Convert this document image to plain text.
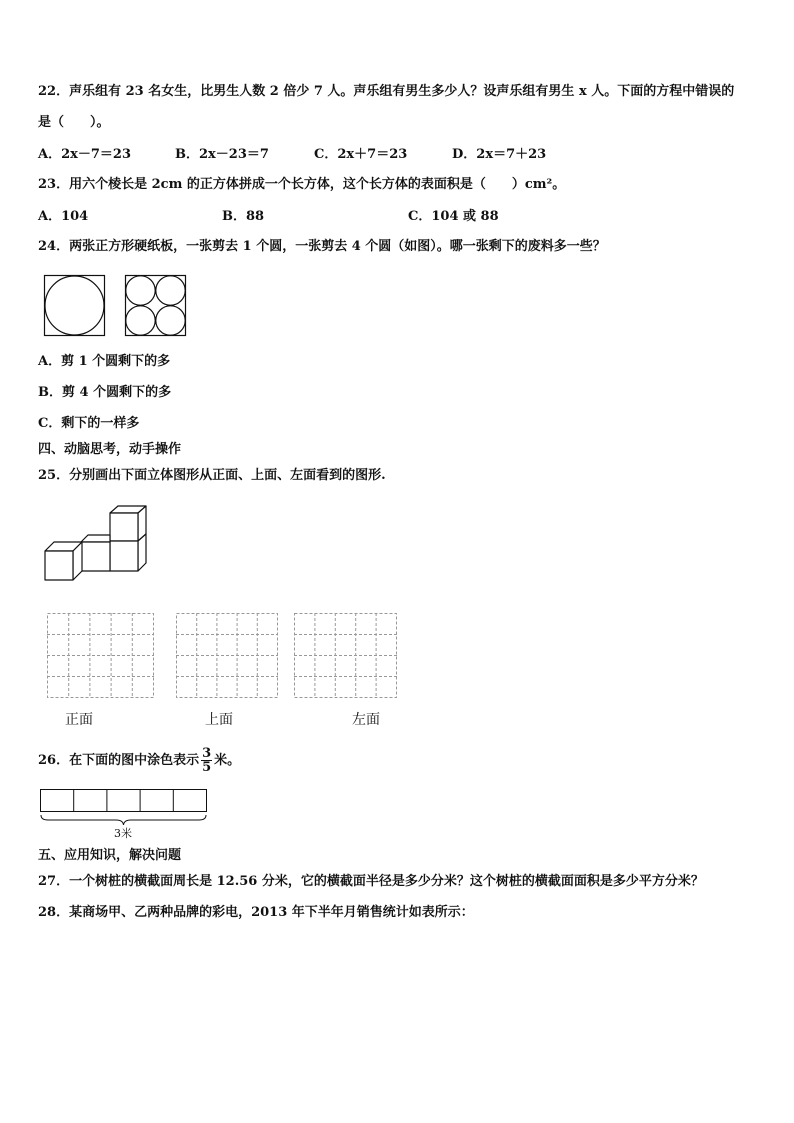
22．声乐组有 23 名女生，比男生人数 2 倍少 7 人。声乐组有男生多少人？设声乐组有男生 x 人。下面的方程中错误的
是（　　）。
A．2x－7＝23	B．2x－23＝7	C．2x＋7＝23	D．2x＝7＋23
23．用六个棱长是 2cm 的正方体拼成一个长方体，这个长方体的表面积是（　　）cm²。
A．104	B．88	C．104 或 88
24．两张正方形硬纸板，一张剪去 1 个圆，一张剪去 4 个圆（如图）。哪一张剩下的废料多一些？
A．剪 1 个圆剩下的多
B．剪 4 个圆剩下的多
C．剩下的一样多
四、动脑思考，动手操作
25．分别画出下面立体图形从正面、上面、左面看到的图形.
正面	上面	左面
26．在下面的图中涂色表示 $\frac{3}{5}$ 米。
3米
五、应用知识，解决问题
27．一个树桩的横截面周长是 12.56 分米，它的横截面半径是多少分米？这个树桩的横截面面积是多少平方分米？
28．某商场甲、乙两种品牌的彩电，2013 年下半年月销售统计如表所示：
